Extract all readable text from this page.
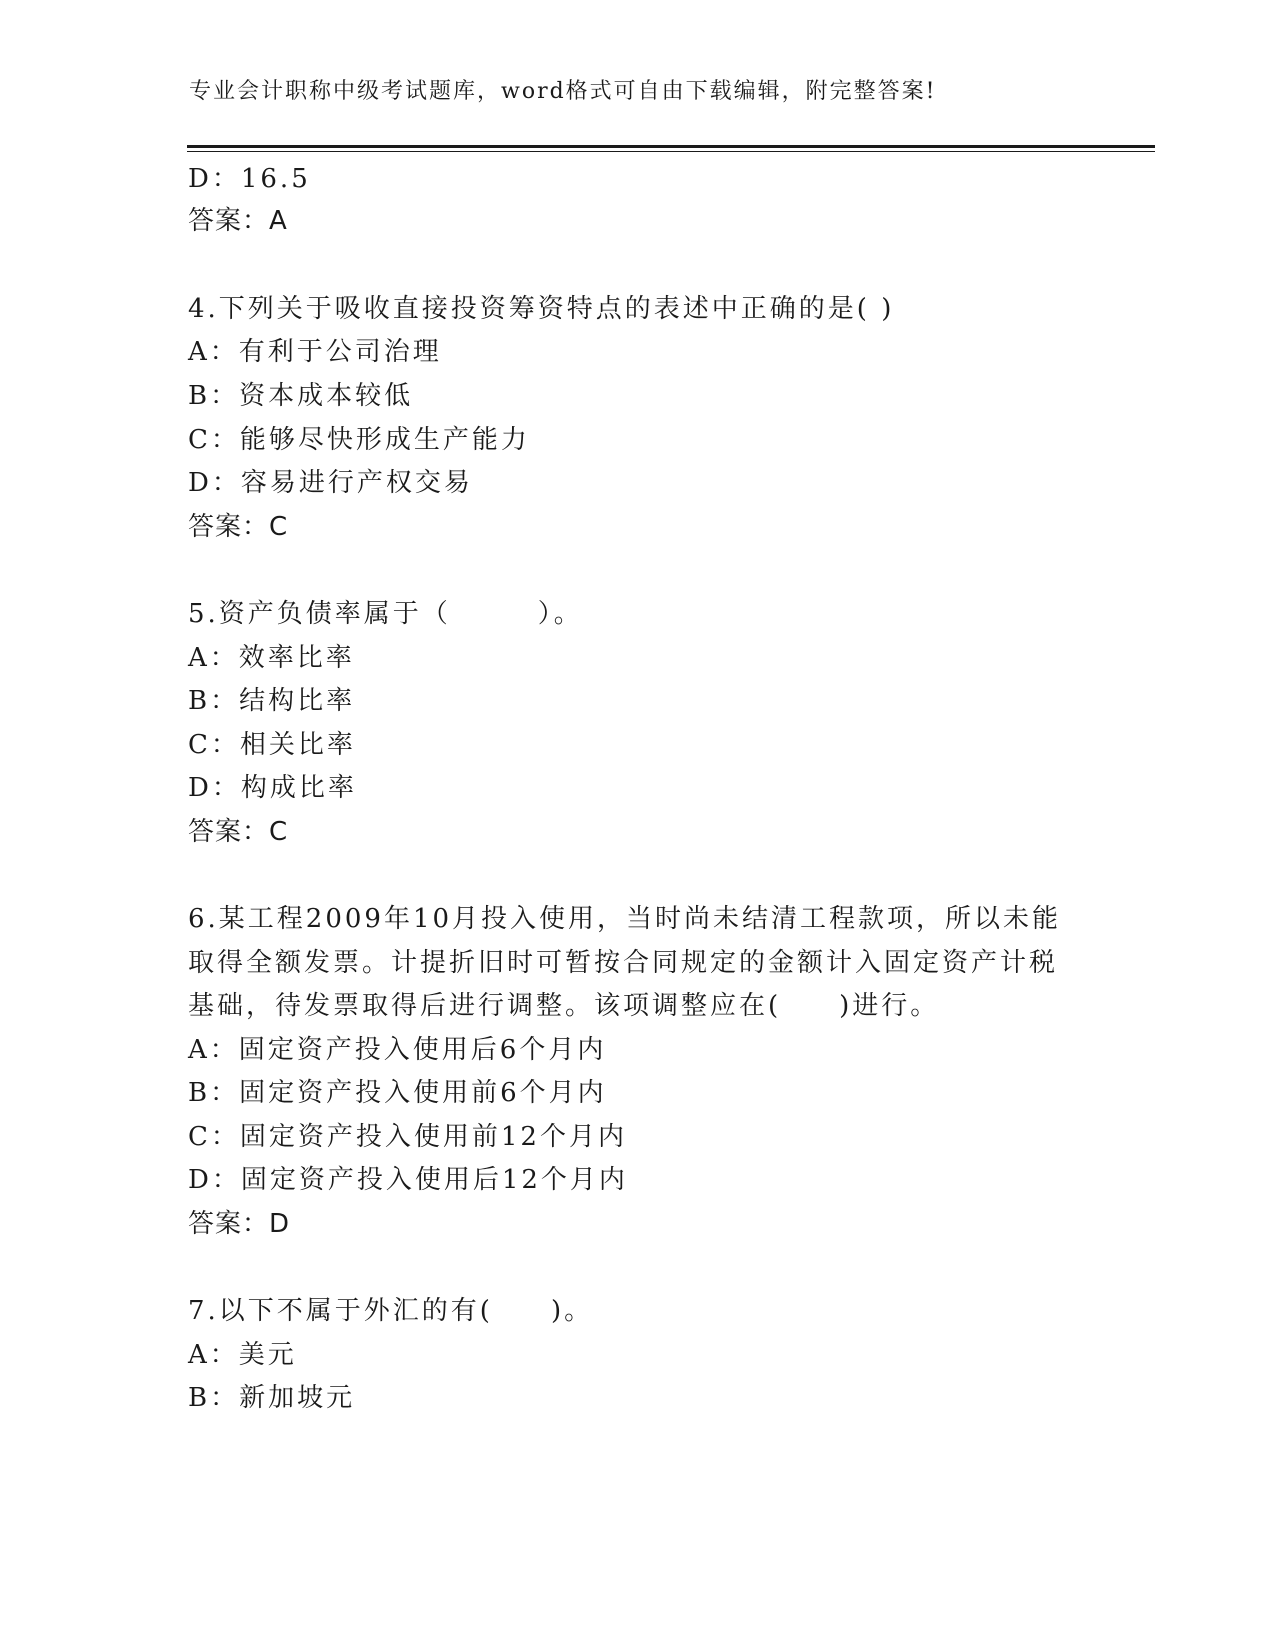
专业会计职称中级考试题库，word格式可自由下载编辑，附完整答案!
D：16.5
答案：A
4.下列关于吸收直接投资筹资特点的表述中正确的是( )
A：有利于公司治理
B：资本成本较低
C：能够尽快形成生产能力
D：容易进行产权交易
答案：C
5.资产负债率属于（　　　）。
A：效率比率
B：结构比率
C：相关比率
D：构成比率
答案：C
6.某工程2009年10月投入使用，当时尚未结清工程款项，所以未能
取得全额发票。计提折旧时可暂按合同规定的金额计入固定资产计税
基础，待发票取得后进行调整。该项调整应在(　　)进行。
A：固定资产投入使用后6个月内
B：固定资产投入使用前6个月内
C：固定资产投入使用前12个月内
D：固定资产投入使用后12个月内
答案：D
7.以下不属于外汇的有(　　)。
A：美元
B：新加坡元
